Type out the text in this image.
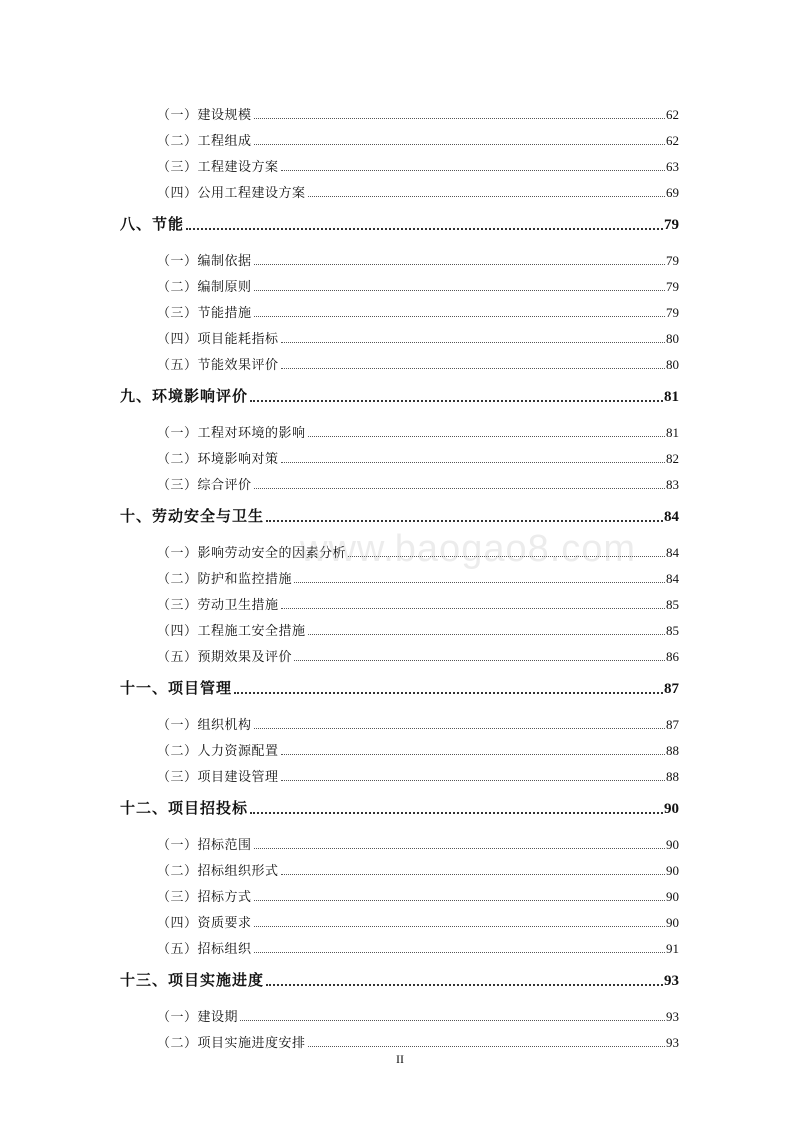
（一）建设规模	62
（二）工程组成	62
（三）工程建设方案	63
（四）公用工程建设方案	69
八、节能	79
（一）编制依据	79
（二）编制原则	79
（三）节能措施	79
（四）项目能耗指标	80
（五）节能效果评价	80
九、环境影响评价	81
（一）工程对环境的影响	81
（二）环境影响对策	82
（三）综合评价	83
十、劳动安全与卫生	84
（一）影响劳动安全的因素分析	84
（二）防护和监控措施	84
（三）劳动卫生措施	85
（四）工程施工安全措施	85
（五）预期效果及评价	86
十一、项目管理	87
（一）组织机构	87
（二）人力资源配置	88
（三）项目建设管理	88
十二、项目招投标	90
（一）招标范围	90
（二）招标组织形式	90
（三）招标方式	90
（四）资质要求	90
（五）招标组织	91
十三、项目实施进度	93
（一）建设期	93
（二）项目实施进度安排	93
www.baogao8.com
II
